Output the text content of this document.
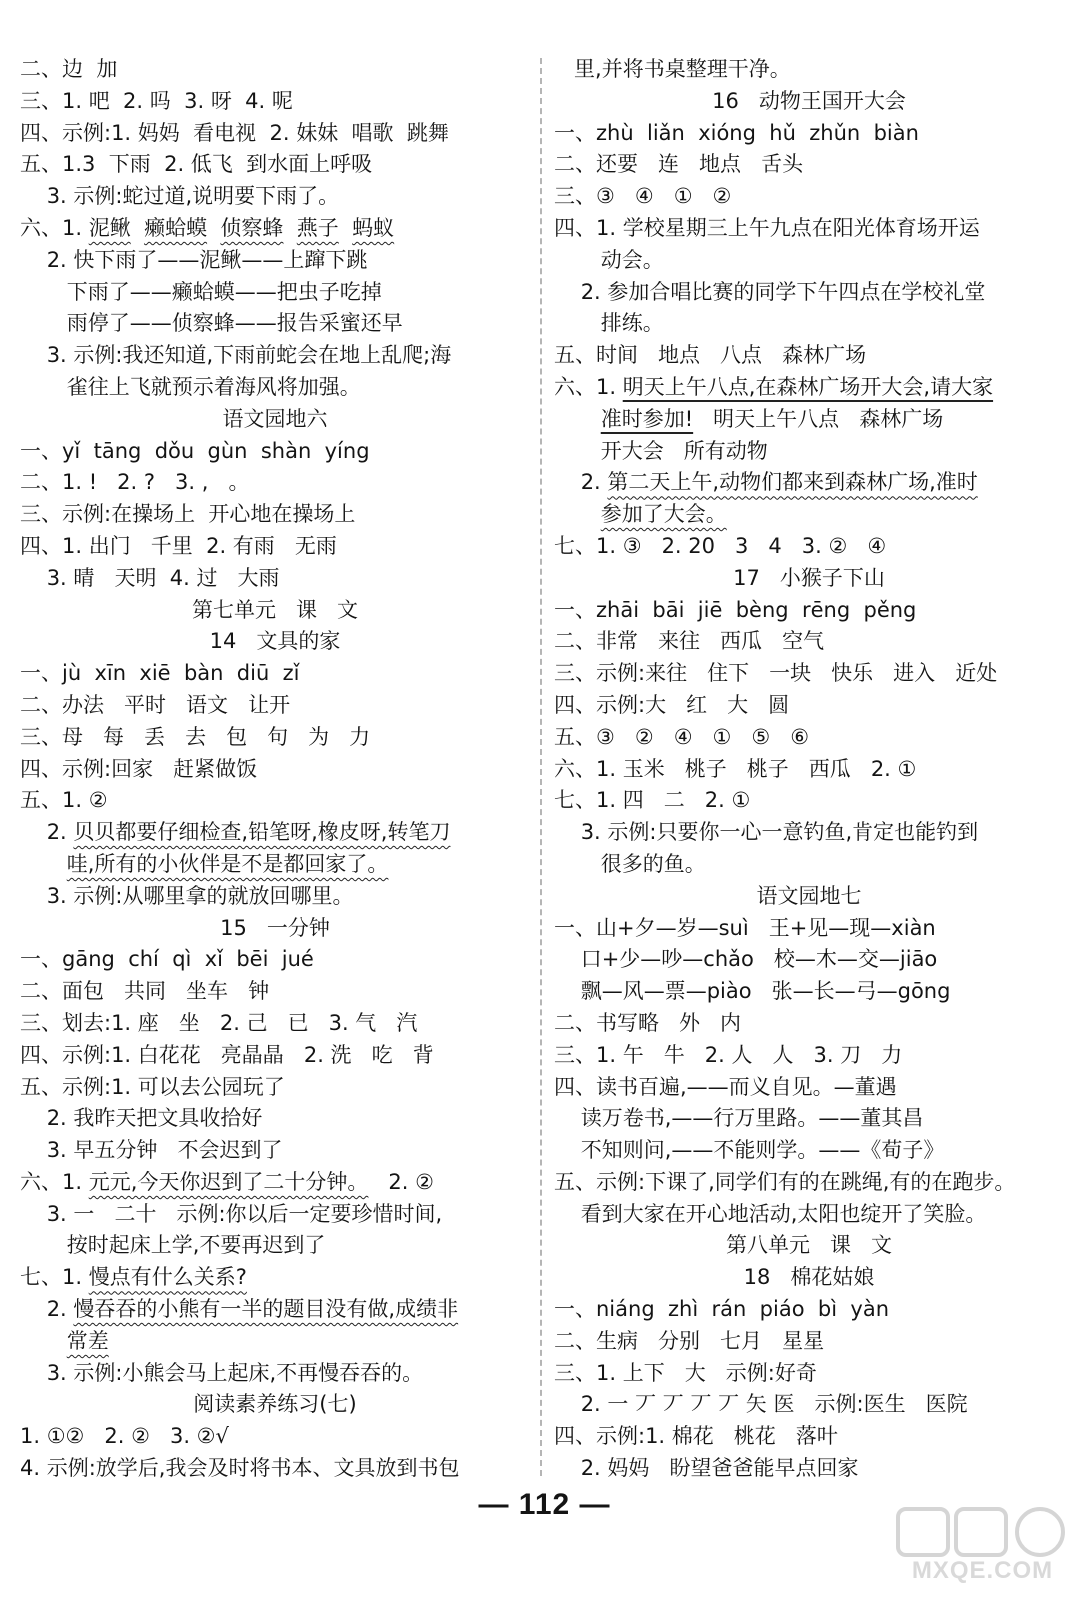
二、边  加
三、1. 吧  2. 吗  3. 呀  4. 呢
四、示例:1. 妈妈  看电视  2. 妹妹  唱歌  跳舞
五、1.3  下雨  2. 低飞  到水面上呼吸
3. 示例:蛇过道,说明要下雨了。
六、1. 泥鳅 癞蛤蟆 侦察蜂 燕子 蚂蚁
2. 快下雨了——泥鳅——上蹿下跳
下雨了——癞蛤蟆——把虫子吃掉
雨停了——侦察蜂——报告采蜜还早
3. 示例:我还知道,下雨前蛇会在地上乱爬;海
雀往上飞就预示着海风将加强。
语文园地六
一、yǐ  tāng  dǒu  gùn  shàn  yíng
二、1. !   2. ?   3. ,   。
三、示例:在操场上  开心地在操场上
四、1. 出门   千里  2. 有雨   无雨
3. 晴   天明  4. 过   大雨
第七单元   课   文
14   文具的家
一、jù  xīn  xiē  bàn  diū  zǐ
二、办法   平时   语文   让开
三、母   每   丢   去   包   句   为   力
四、示例:回家   赶紧做饭
五、1. ②
2. 贝贝都要仔细检查,铅笔呀,橡皮呀,转笔刀
哇,所有的小伙伴是不是都回家了。
3. 示例:从哪里拿的就放回哪里。
15   一分钟
一、gāng  chí  qì  xǐ  bēi  jué
二、面包   共同   坐车   钟
三、划去:1. 座   坐   2. 己   已   3. 气   汽
四、示例:1. 白花花   亮晶晶   2. 洗   吃   背
五、示例:1. 可以去公园玩了
2. 我昨天把文具收拾好
3. 早五分钟   不会迟到了
六、1. 元元,今天你迟到了二十分钟。   2. ②
3. 一   二十   示例:你以后一定要珍惜时间,
按时起床上学,不要再迟到了
七、1. 慢点有什么关系?
2. 慢吞吞的小熊有一半的题目没有做,成绩非
常差
3. 示例:小熊会马上起床,不再慢吞吞的。
阅读素养练习(七)
1. ①②   2. ②   3. ②√
4. 示例:放学后,我会及时将书本、文具放到书包
里,并将书桌整理干净。
16   动物王国开大会
一、zhù  liǎn  xióng  hǔ  zhǔn  biàn
二、还要   连   地点   舌头
三、③   ④   ①   ②
四、1. 学校星期三上午九点在阳光体育场开运
动会。
2. 参加合唱比赛的同学下午四点在学校礼堂
排练。
五、时间   地点   八点   森林广场
六、1. 明天上午八点,在森林广场开大会,请大家
准时参加!   明天上午八点   森林广场
开大会   所有动物
2. 第二天上午,动物们都来到森林广场,准时
参加了大会。
七、1. ③   2. 20   3   4   3. ②   ④
17   小猴子下山
一、zhāi  bāi  jiē  bèng  rēng  pěng
二、非常   来往   西瓜   空气
三、示例:来往   住下   一块   快乐   进入   近处
四、示例:大   红   大   圆
五、③   ②   ④   ①   ⑤   ⑥
六、1. 玉米   桃子   桃子   西瓜   2. ①
七、1. 四   二   2. ①
3. 示例:只要你一心一意钓鱼,肯定也能钓到
很多的鱼。
语文园地七
一、山+夕—岁—suì   王+见—现—xiàn
口+少—吵—chǎo   校—木—交—jiāo
飘—风—票—piào   张—长—弓—gōng
二、书写略   外   内
三、1. 午   牛   2. 人   人   3. 刀   力
四、读书百遍,——而义自见。—董遇
读万卷书,——行万里路。——董其昌
不知则问,——不能则学。——《荀子》
五、示例:下课了,同学们有的在跳绳,有的在跑步。
看到大家在开心地活动,太阳也绽开了笑脸。
第八单元   课   文
18   棉花姑娘
一、niáng  zhì  rán  piáo  bì  yàn
二、生病   分别   七月   星星
三、1. 上下   大   示例:好奇
2. 一 丆 丆 丆 丆 矢 医   示例:医生   医院
四、示例:1. 棉花   桃花   落叶
2. 妈妈   盼望爸爸能早点回家
— 112 —
MXQE.COM
